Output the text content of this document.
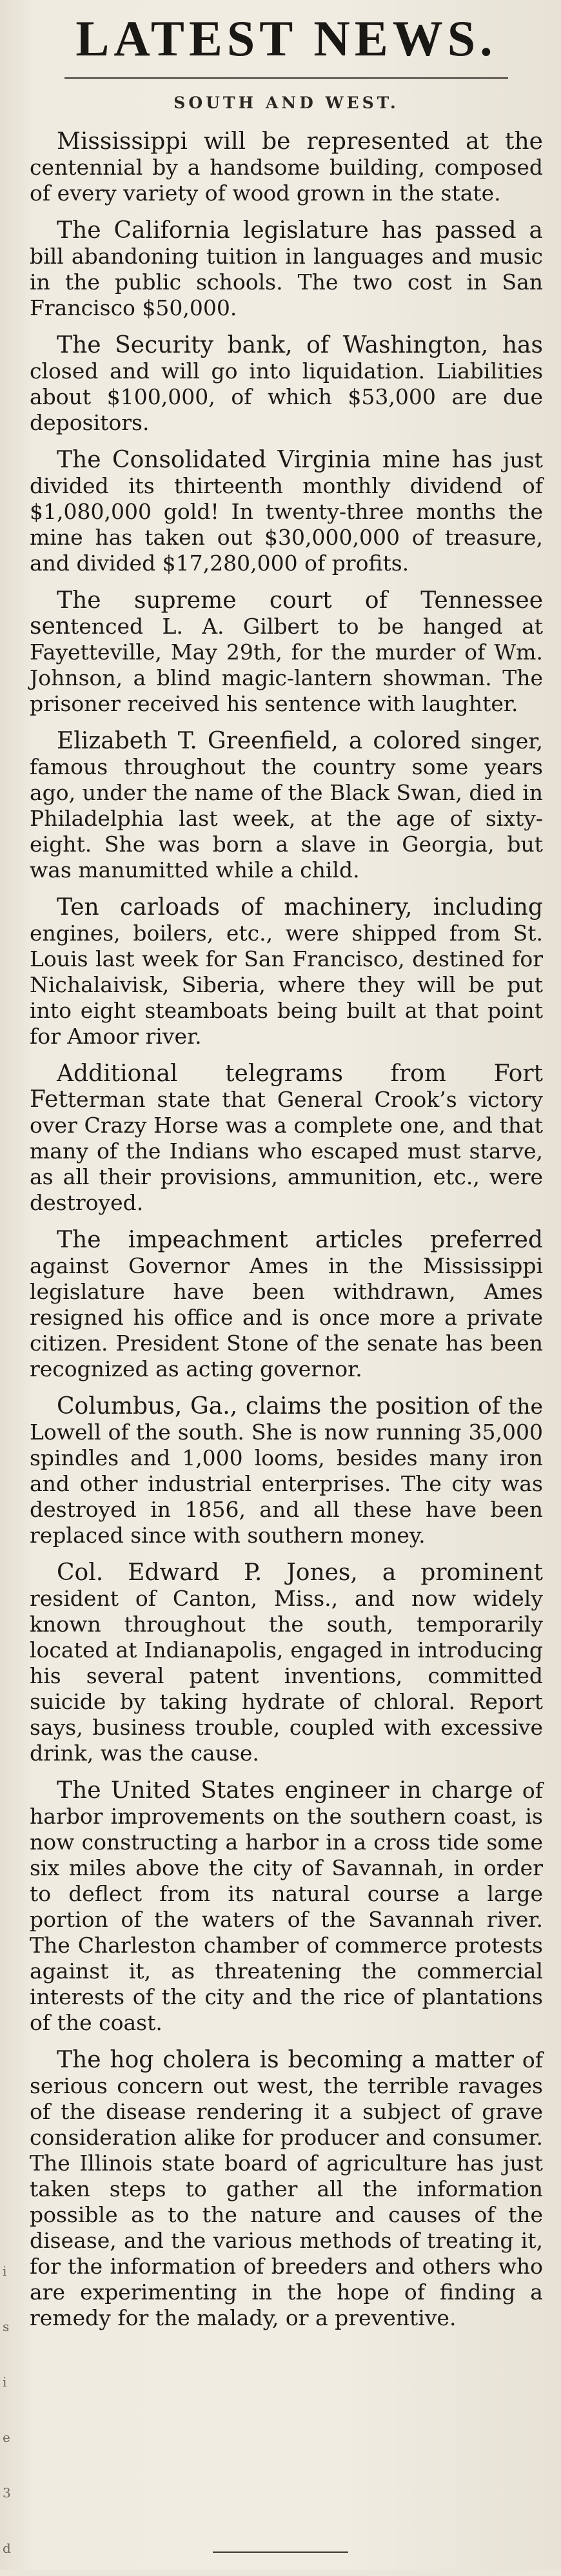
LATEST NEWS.
SOUTH AND WEST.

Mississippi will be represented at the centennial by a handsome building, composed of every variety of wood grown in the state.

The California legislature has passed a bill abandoning tuition in languages and music in the public schools. The two cost in San Francisco $50,000.

The Security bank, of Washington, has closed and will go into liquidation. Liabilities about $100,000, of which $53,000 are due depositors.

The Consolidated Virginia mine has just divided its thirteenth monthly dividend of $1,080,000 gold! In twenty-three months the mine has taken out $30,000,000 of treasure, and divided $17,280,000 of profits.

The supreme court of Tennessee sentenced L. A. Gilbert to be hanged at Fayetteville, May 29th, for the murder of Wm. Johnson, a blind magic-lantern showman. The prisoner received his sentence with laughter.

Elizabeth T. Greenfield, a colored singer, famous throughout the country some years ago, under the name of the Black Swan, died in Philadelphia last week, at the age of sixty-eight. She was born a slave in Georgia, but was manumitted while a child.

Ten carloads of machinery, including engines, boilers, etc., were shipped from St. Louis last week for San Francisco, destined for Nichalaivisk, Siberia, where they will be put into eight steamboats being built at that point for Amoor river.

Additional telegrams from Fort Fetterman state that General Crook’s victory over Crazy Horse was a complete one, and that many of the Indians who escaped must starve, as all their provisions, ammunition, etc., were destroyed.

The impeachment articles preferred against Governor Ames in the Mississippi legislature have been withdrawn, Ames resigned his office and is once more a private citizen. President Stone of the senate has been recognized as acting governor.

Columbus, Ga., claims the position of the Lowell of the south. She is now running 35,000 spindles and 1,000 looms, besides many iron and other industrial enterprises. The city was destroyed in 1856, and all these have been replaced since with southern money.

Col. Edward P. Jones, a prominent resident of Canton, Miss., and now widely known throughout the south, temporarily located at Indianapolis, engaged in introducing his several patent inventions, committed suicide by taking hydrate of chloral. Report says, business trouble, coupled with excessive drink, was the cause.

The United States engineer in charge of harbor improvements on the southern coast, is now constructing a harbor in a cross tide some six miles above the city of Savannah, in order to deflect from its natural course a large portion of the waters of the Savannah river. The Charleston chamber of commerce protests against it, as threatening the commercial interests of the city and the rice of plantations of the coast.

The hog cholera is becoming a matter of serious concern out west, the terrible ravages of the disease rendering it a subject of grave consideration alike for producer and consumer. The Illinois state board of agriculture has just taken steps to gather all the information possible as to the nature and causes of the disease, and the various methods of treating it, for the information of breeders and others who are experimenting in the hope of finding a remedy for the malady, or a preventive.

i
s
i
e
3
d
